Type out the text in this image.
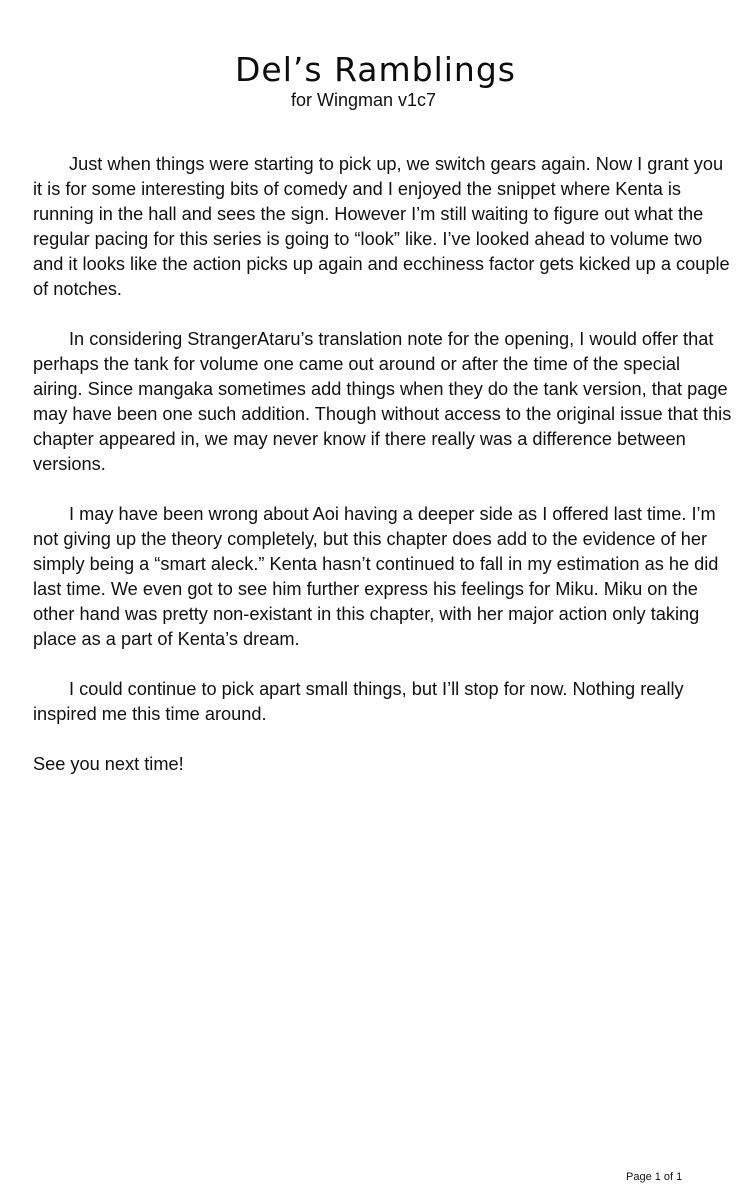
Del’s Ramblings
for Wingman v1c7

Just when things were starting to pick up, we switch gears again. Now I grant you it is for some interesting bits of comedy and I enjoyed the snippet where Kenta is running in the hall and sees the sign. However I’m still waiting to figure out what the regular pacing for this series is going to “look” like. I’ve looked ahead to volume two and it looks like the action picks up again and ecchiness factor gets kicked up a couple of notches.

In considering StrangerAtaru’s translation note for the opening, I would offer that perhaps the tank for volume one came out around or after the time of the special airing. Since mangaka sometimes add things when they do the tank version, that page may have been one such addition. Though without access to the original issue that this chapter appeared in, we may never know if there really was a difference between versions.

I may have been wrong about Aoi having a deeper side as I offered last time. I’m not giving up the theory completely, but this chapter does add to the evidence of her simply being a “smart aleck.” Kenta hasn’t continued to fall in my estimation as he did last time. We even got to see him further express his feelings for Miku. Miku on the other hand was pretty non-existant in this chapter, with her major action only taking place as a part of Kenta’s dream.

I could continue to pick apart small things, but I’ll stop for now. Nothing really inspired me this time around.

See you next time!

Page 1 of 1
